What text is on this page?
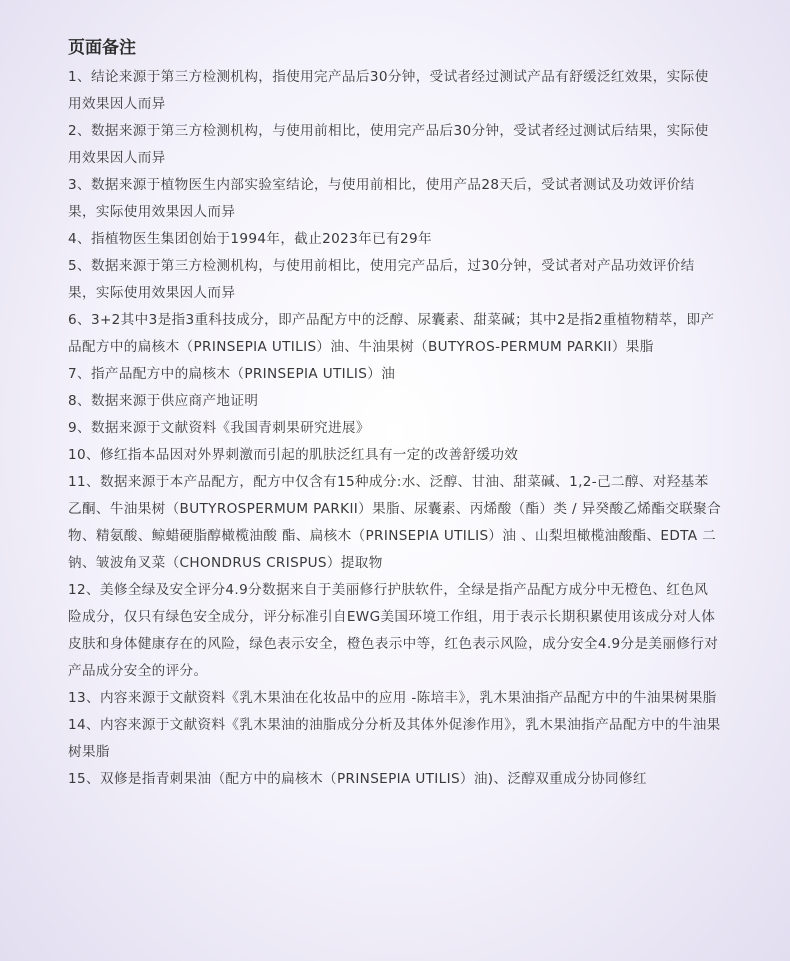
页面备注

1、结论来源于第三方检测机构，指使用完产品后30分钟，受试者经过测试产品有舒缓泛红效果，实际使用效果因人而异

2、数据来源于第三方检测机构，与使用前相比，使用完产品后30分钟，受试者经过测试后结果，实际使用效果因人而异

3、数据来源于植物医生内部实验室结论，与使用前相比，使用产品28天后，受试者测试及功效评价结果，实际使用效果因人而异

4、指植物医生集团创始于1994年，截止2023年已有29年

5、数据来源于第三方检测机构，与使用前相比，使用完产品后，过30分钟，受试者对产品功效评价结果，实际使用效果因人而异

6、3+2其中3是指3重科技成分，即产品配方中的泛醇、尿囊素、甜菜碱；其中2是指2重植物精萃，即产品配方中的扁核木（PRINSEPIA UTILIS）油、牛油果树（BUTYROS-PERMUM PARKII）果脂

7、指产品配方中的扁核木（PRINSEPIA UTILIS）油

8、数据来源于供应商产地证明

9、数据来源于文献资料《我国青刺果研究进展》

10、修红指本品因对外界刺激而引起的肌肤泛红具有一定的改善舒缓功效

11、数据来源于本产品配方，配方中仅含有15种成分:水、泛醇、甘油、甜菜碱、1,2-己二醇、对羟基苯乙酮、牛油果树（BUTYROSPERMUM PARKII）果脂、尿囊素、丙烯酸（酯）类 / 异癸酸乙烯酯交联聚合物、精氨酸、鲸蜡硬脂醇橄榄油酸 酯、扁核木（PRINSEPIA UTILIS）油 、山梨坦橄榄油酸酯、EDTA 二钠、皱波角叉菜（CHONDRUS CRISPUS）提取物

12、美修全绿及安全评分4.9分数据来自于美丽修行护肤软件，全绿是指产品配方成分中无橙色、红色风险成分，仅只有绿色安全成分，评分标准引自EWG美国环境工作组，用于表示长期积累使用该成分对人体皮肤和身体健康存在的风险，绿色表示安全，橙色表示中等，红色表示风险，成分安全4.9分是美丽修行对产品成分安全的评分。

13、内容来源于文献资料《乳木果油在化妆品中的应用 -陈培丰》，乳木果油指产品配方中的牛油果树果脂

14、内容来源于文献资料《乳木果油的油脂成分分析及其体外促渗作用》，乳木果油指产品配方中的牛油果树果脂

15、双修是指青刺果油（配方中的扁核木（PRINSEPIA UTILIS）油)、泛醇双重成分协同修红
